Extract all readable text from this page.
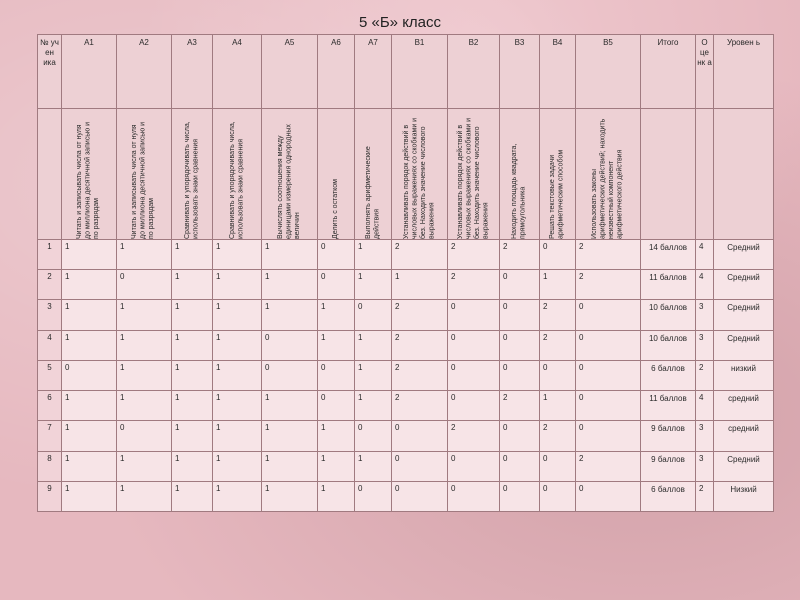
5 «Б» класс
№ уч ен ика	А1	А2	А3	А4	А5	А6	А7	В1	В2	В3	В4	В5	Итого	О це нк а	Уровен ь

	Читать и записывать числа от нуля до миллиона десятичной записью и по разрядам	Читать и записывать числа от нуля до миллиона десятичной записью и по разрядам	Сравнивать и упорядочивать числа, использовать знаки сравнения	Сравнивать и упорядочивать числа, использовать знаки сравнения	Вычислять соотношения между единицами измерения однородных величин	Делить с остатком	Выполнять арифметические действия	Устанавливать порядок действий в числовых выражениях со скобками и без. Находить значение числового выражения	Устанавливать порядок действий в числовых выражениях со скобками и без. Находить значение числового выражения	Находить площадь квадрата, прямоугольника	Решать текстовые задачи арифметическим способом	Использовать законы арифметических действий; находить неизвестный компонент арифметического действия			

1	1	1	1	1	1	0	1	2	2	2	0	2	14 баллов	4	Средний
2	1	0	1	1	1	0	1	1	2	0	1	2	11 баллов	4	Средний
3	1	1	1	1	1	1	0	2	0	0	2	0	10 баллов	3	Средний
4	1	1	1	1	0	1	1	2	0	0	2	0	10 баллов	3	Средний
5	0	1	1	1	0	0	1	2	0	0	0	0	6 баллов	2	низкий
6	1	1	1	1	1	0	1	2	0	2	1	0	11 баллов	4	средний
7	1	0	1	1	1	1	0	0	2	0	2	0	9 баллов	3	средний
8	1	1	1	1	1	1	1	0	0	0	0	2	9 баллов	3	Средний
9	1	1	1	1	1	1	0	0	0	0	0	0	6 баллов	2	Низкий
